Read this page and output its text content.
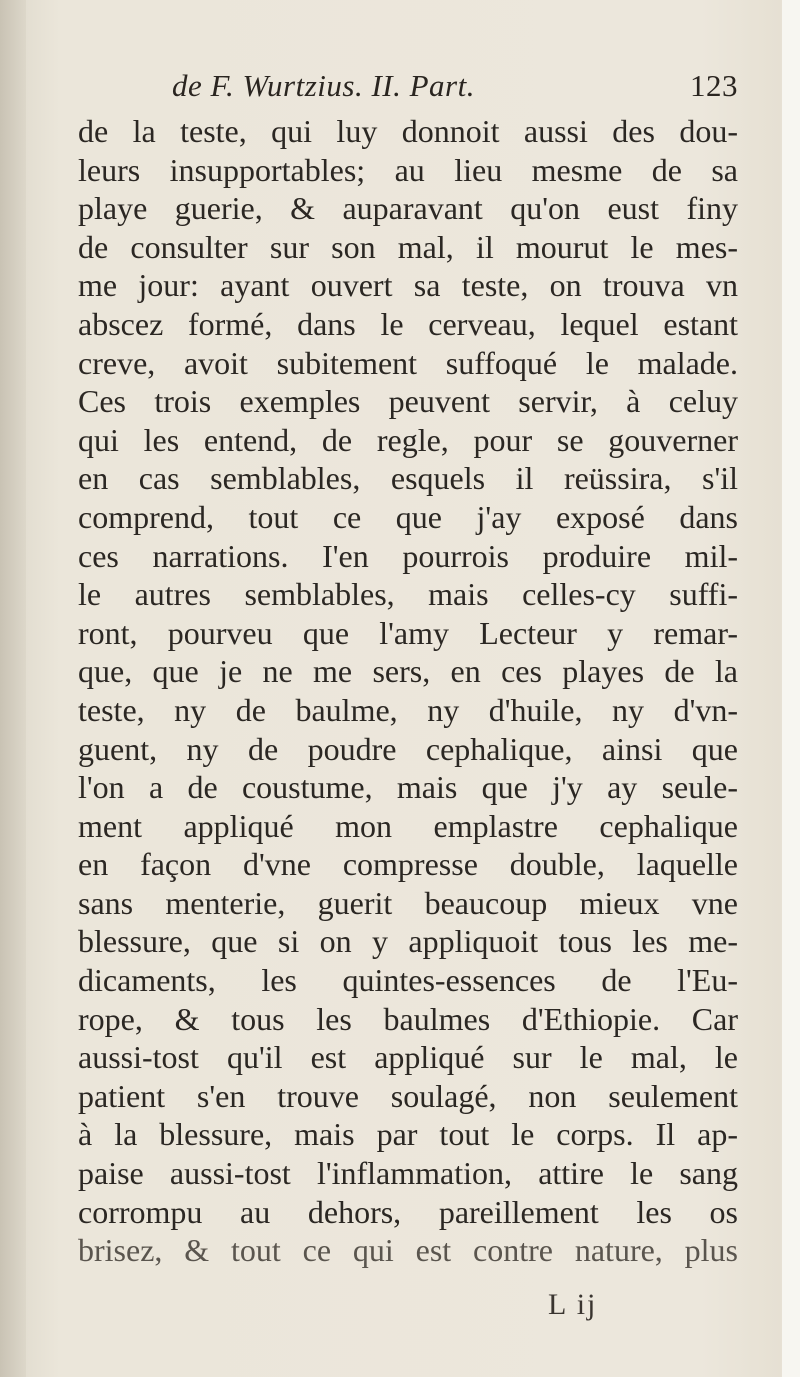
de F. Wurtzius. II. Part.	123
de la teste, qui luy donnoit aussi des dou-
leurs insupportables; au lieu mesme de sa
playe guerie, & auparavant qu'on eust finy
de consulter sur son mal, il mourut le mes-
me jour: ayant ouvert sa teste, on trouva vn
abscez formé, dans le cerveau, lequel estant
creve, avoit subitement suffoqué le malade.
Ces trois exemples peuvent servir, à celuy
qui les entend, de regle, pour se gouverner
en cas semblables, esquels il reüssira, s'il
comprend, tout ce que j'ay exposé dans
ces narrations. I'en pourrois produire mil-
le autres semblables, mais celles-cy suffi-
ront, pourveu que l'amy Lecteur y remar-
que, que je ne me sers, en ces playes de la
teste, ny de baulme, ny d'huile, ny d'vn-
guent, ny de poudre cephalique, ainsi que
l'on a de coustume, mais que j'y ay seule-
ment appliqué mon emplastre cephalique
en façon d'vne compresse double, laquelle
sans menterie, guerit beaucoup mieux vne
blessure, que si on y appliquoit tous les me-
dicaments, les quintes-essences de l'Eu-
rope, & tous les baulmes d'Ethiopie. Car
aussi-tost qu'il est appliqué sur le mal, le
patient s'en trouve soulagé, non seulement
à la blessure, mais par tout le corps. Il ap-
paise aussi-tost l'inflammation, attire le sang
corrompu au dehors, pareillement les os
brisez, & tout ce qui est contre nature, plus
L ij
